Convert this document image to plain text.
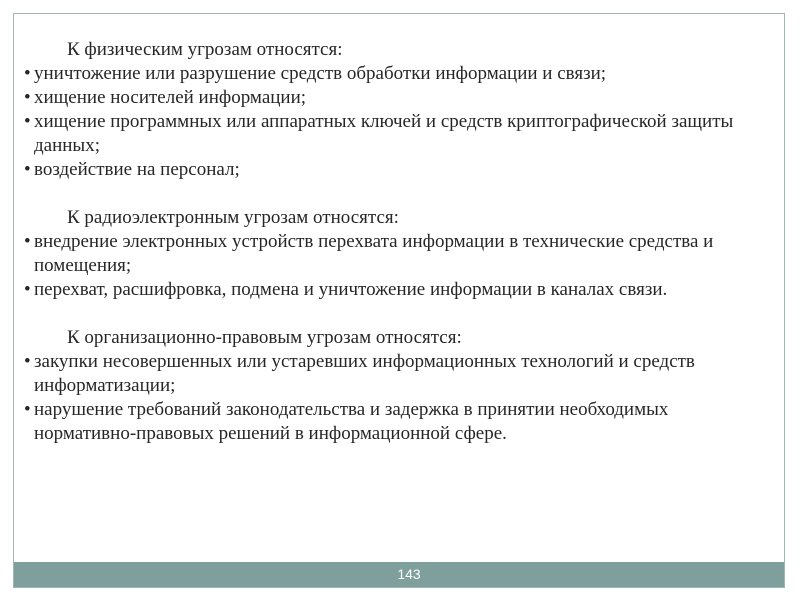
К физическим угрозам относятся:

• уничтожение или разрушение средств обработки информации и связи;
• хищение носителей информации;
• хищение программных или аппаратных ключей и средств криптографической защиты данных;
• воздействие на персонал;

К радиоэлектронным угрозам относятся:

• внедрение электронных устройств перехвата информации в технические средства и помещения;
• перехват, расшифровка, подмена и уничтожение информации в каналах связи.

К организационно-правовым угрозам относятся:

• закупки несовершенных или устаревших информационных технологий и средств информатизации;
• нарушение требований законодательства и задержка в принятии необходимых нормативно-правовых решений в информационной сфере.
143
